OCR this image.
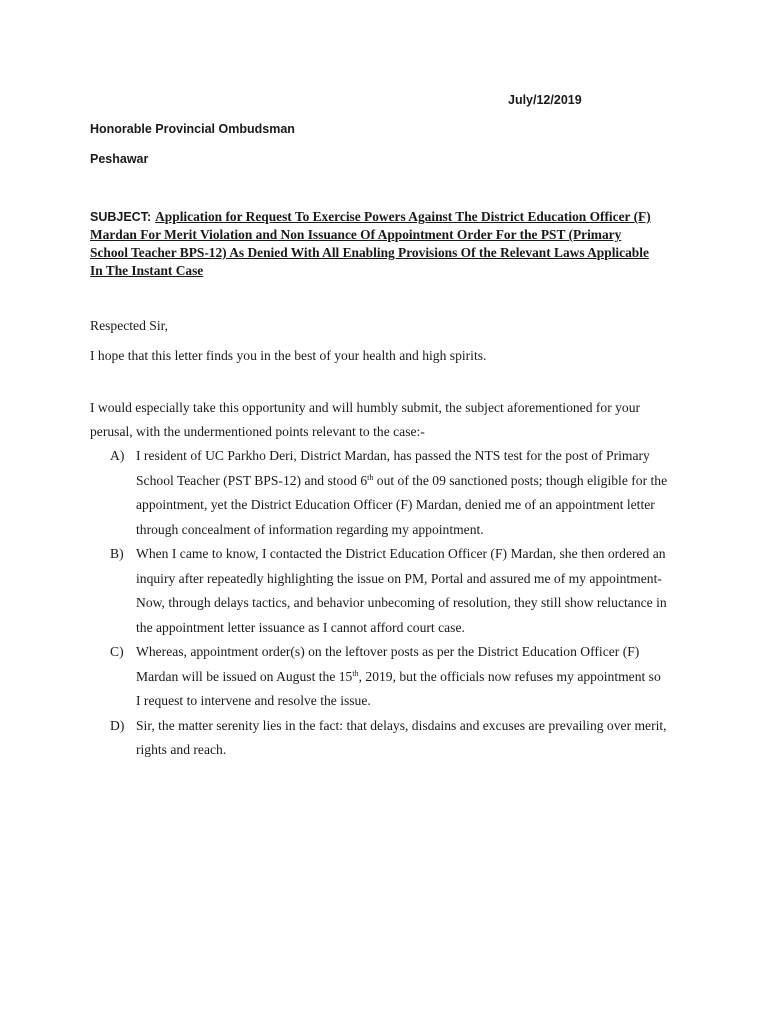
July/12/2019
Honorable Provincial Ombudsman
Peshawar
SUBJECT: Application for Request To Exercise Powers Against The District Education Officer (F)
Mardan For Merit Violation and Non Issuance Of Appointment Order For the PST (Primary
School Teacher BPS-12) As Denied With All Enabling Provisions Of the Relevant Laws Applicable
In The Instant Case
Respected Sir,
I hope that this letter finds you in the best of your health and high spirits.
I would especially take this opportunity and will humbly submit, the subject aforementioned for your
perusal, with the undermentioned points relevant to the case:-
A) I resident of UC Parkho Deri, District Mardan, has passed the NTS test for the post of Primary
School Teacher (PST BPS-12) and stood 6th out of the 09 sanctioned posts; though eligible for the
appointment, yet the District Education Officer (F) Mardan, denied me of an appointment letter
through concealment of information regarding my appointment.
B) When I came to know, I contacted the District Education Officer (F) Mardan, she then ordered an
inquiry after repeatedly highlighting the issue on PM, Portal and assured me of my appointment-
Now, through delays tactics, and behavior unbecoming of resolution, they still show reluctance in
the appointment letter issuance as I cannot afford court case.
C) Whereas, appointment order(s) on the leftover posts as per the District Education Officer (F)
Mardan will be issued on August the 15th, 2019, but the officials now refuses my appointment so
I request to intervene and resolve the issue.
D) Sir, the matter serenity lies in the fact: that delays, disdains and excuses are prevailing over merit,
rights and reach.
